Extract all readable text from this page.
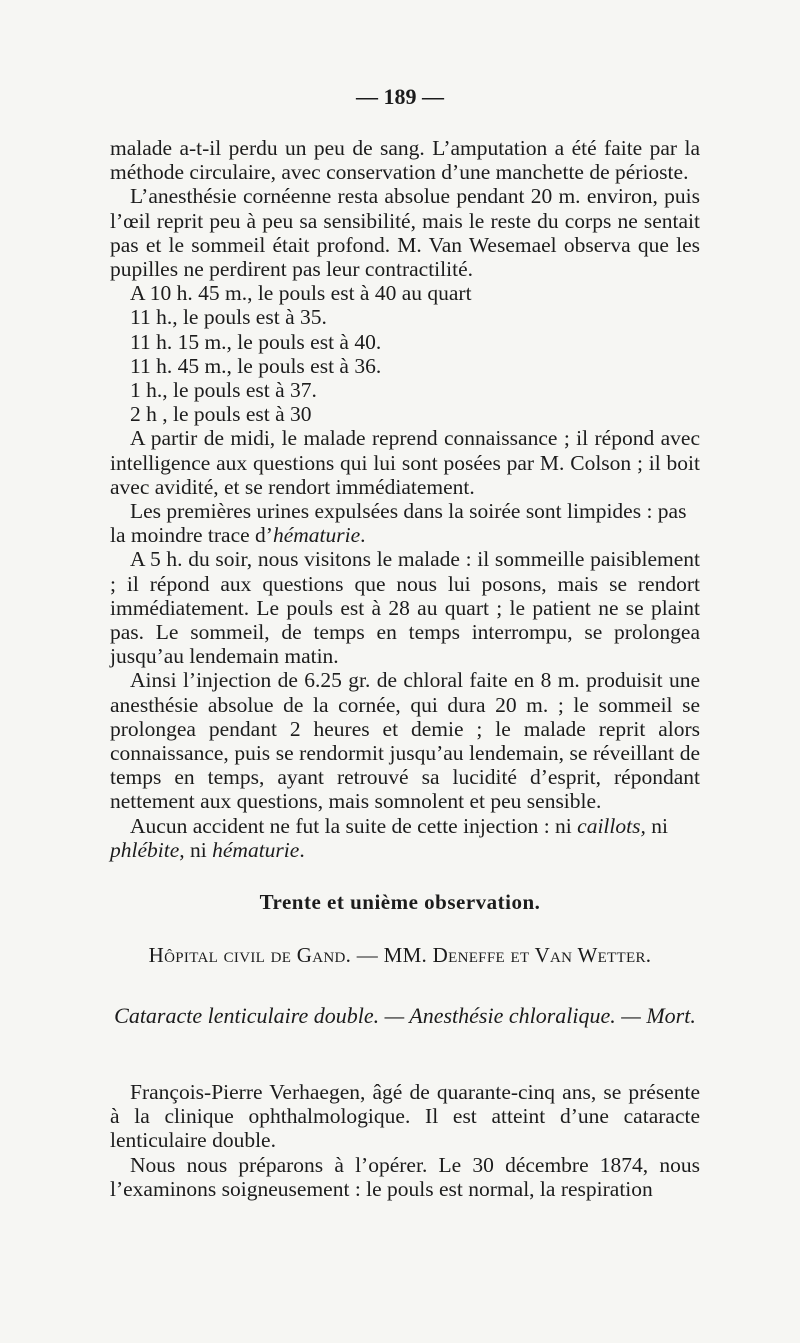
— 189 —

malade a-t-il perdu un peu de sang. L’amputation a été faite par la méthode circulaire, avec conservation d’une manchette de périoste.

L’anesthésie cornéenne resta absolue pendant 20 m. environ, puis l’œil reprit peu à peu sa sensibilité, mais le reste du corps ne sentait pas et le sommeil était profond. M. Van Wesemael observa que les pupilles ne perdirent pas leur contractilité.

A 10 h. 45 m., le pouls est à 40 au quart

11 h., le pouls est à 35.

11 h. 15 m., le pouls est à 40.

11 h. 45 m., le pouls est à 36.

1 h., le pouls est à 37.

2 h , le pouls est à 30

A partir de midi, le malade reprend connaissance ; il répond avec intelligence aux questions qui lui sont posées par M. Colson ; il boit avec avidité, et se rendort immédiatement.

Les premières urines expulsées dans la soirée sont limpides : pas la moindre trace d’hématurie.

A 5 h. du soir, nous visitons le malade : il sommeille paisiblement ; il répond aux questions que nous lui posons, mais se rendort immédiatement. Le pouls est à 28 au quart ; le patient ne se plaint pas. Le sommeil, de temps en temps interrompu, se prolongea jusqu’au lendemain matin.

Ainsi l’injection de 6.25 gr. de chloral faite en 8 m. produisit une anesthésie absolue de la cornée, qui dura 20 m. ; le sommeil se prolongea pendant 2 heures et demie ; le malade reprit alors connaissance, puis se rendormit jusqu’au lendemain, se réveillant de temps en temps, ayant retrouvé sa lucidité d’esprit, répondant nettement aux questions, mais somnolent et peu sensible.

Aucun accident ne fut la suite de cette injection : ni caillots, ni phlébite, ni hématurie.

Trente et unième observation.
Hôpital civil de Gand. — MM. Deneffe et Van Wetter.
Cataracte lenticulaire double. — Anesthésie chloralique. — Mort.

François-Pierre Verhaegen, âgé de quarante-cinq ans, se présente à la clinique ophthalmologique. Il est atteint d’une cataracte lenticulaire double.

Nous nous préparons à l’opérer. Le 30 décembre 1874, nous l’examinons soigneusement : le pouls est normal, la respiration
